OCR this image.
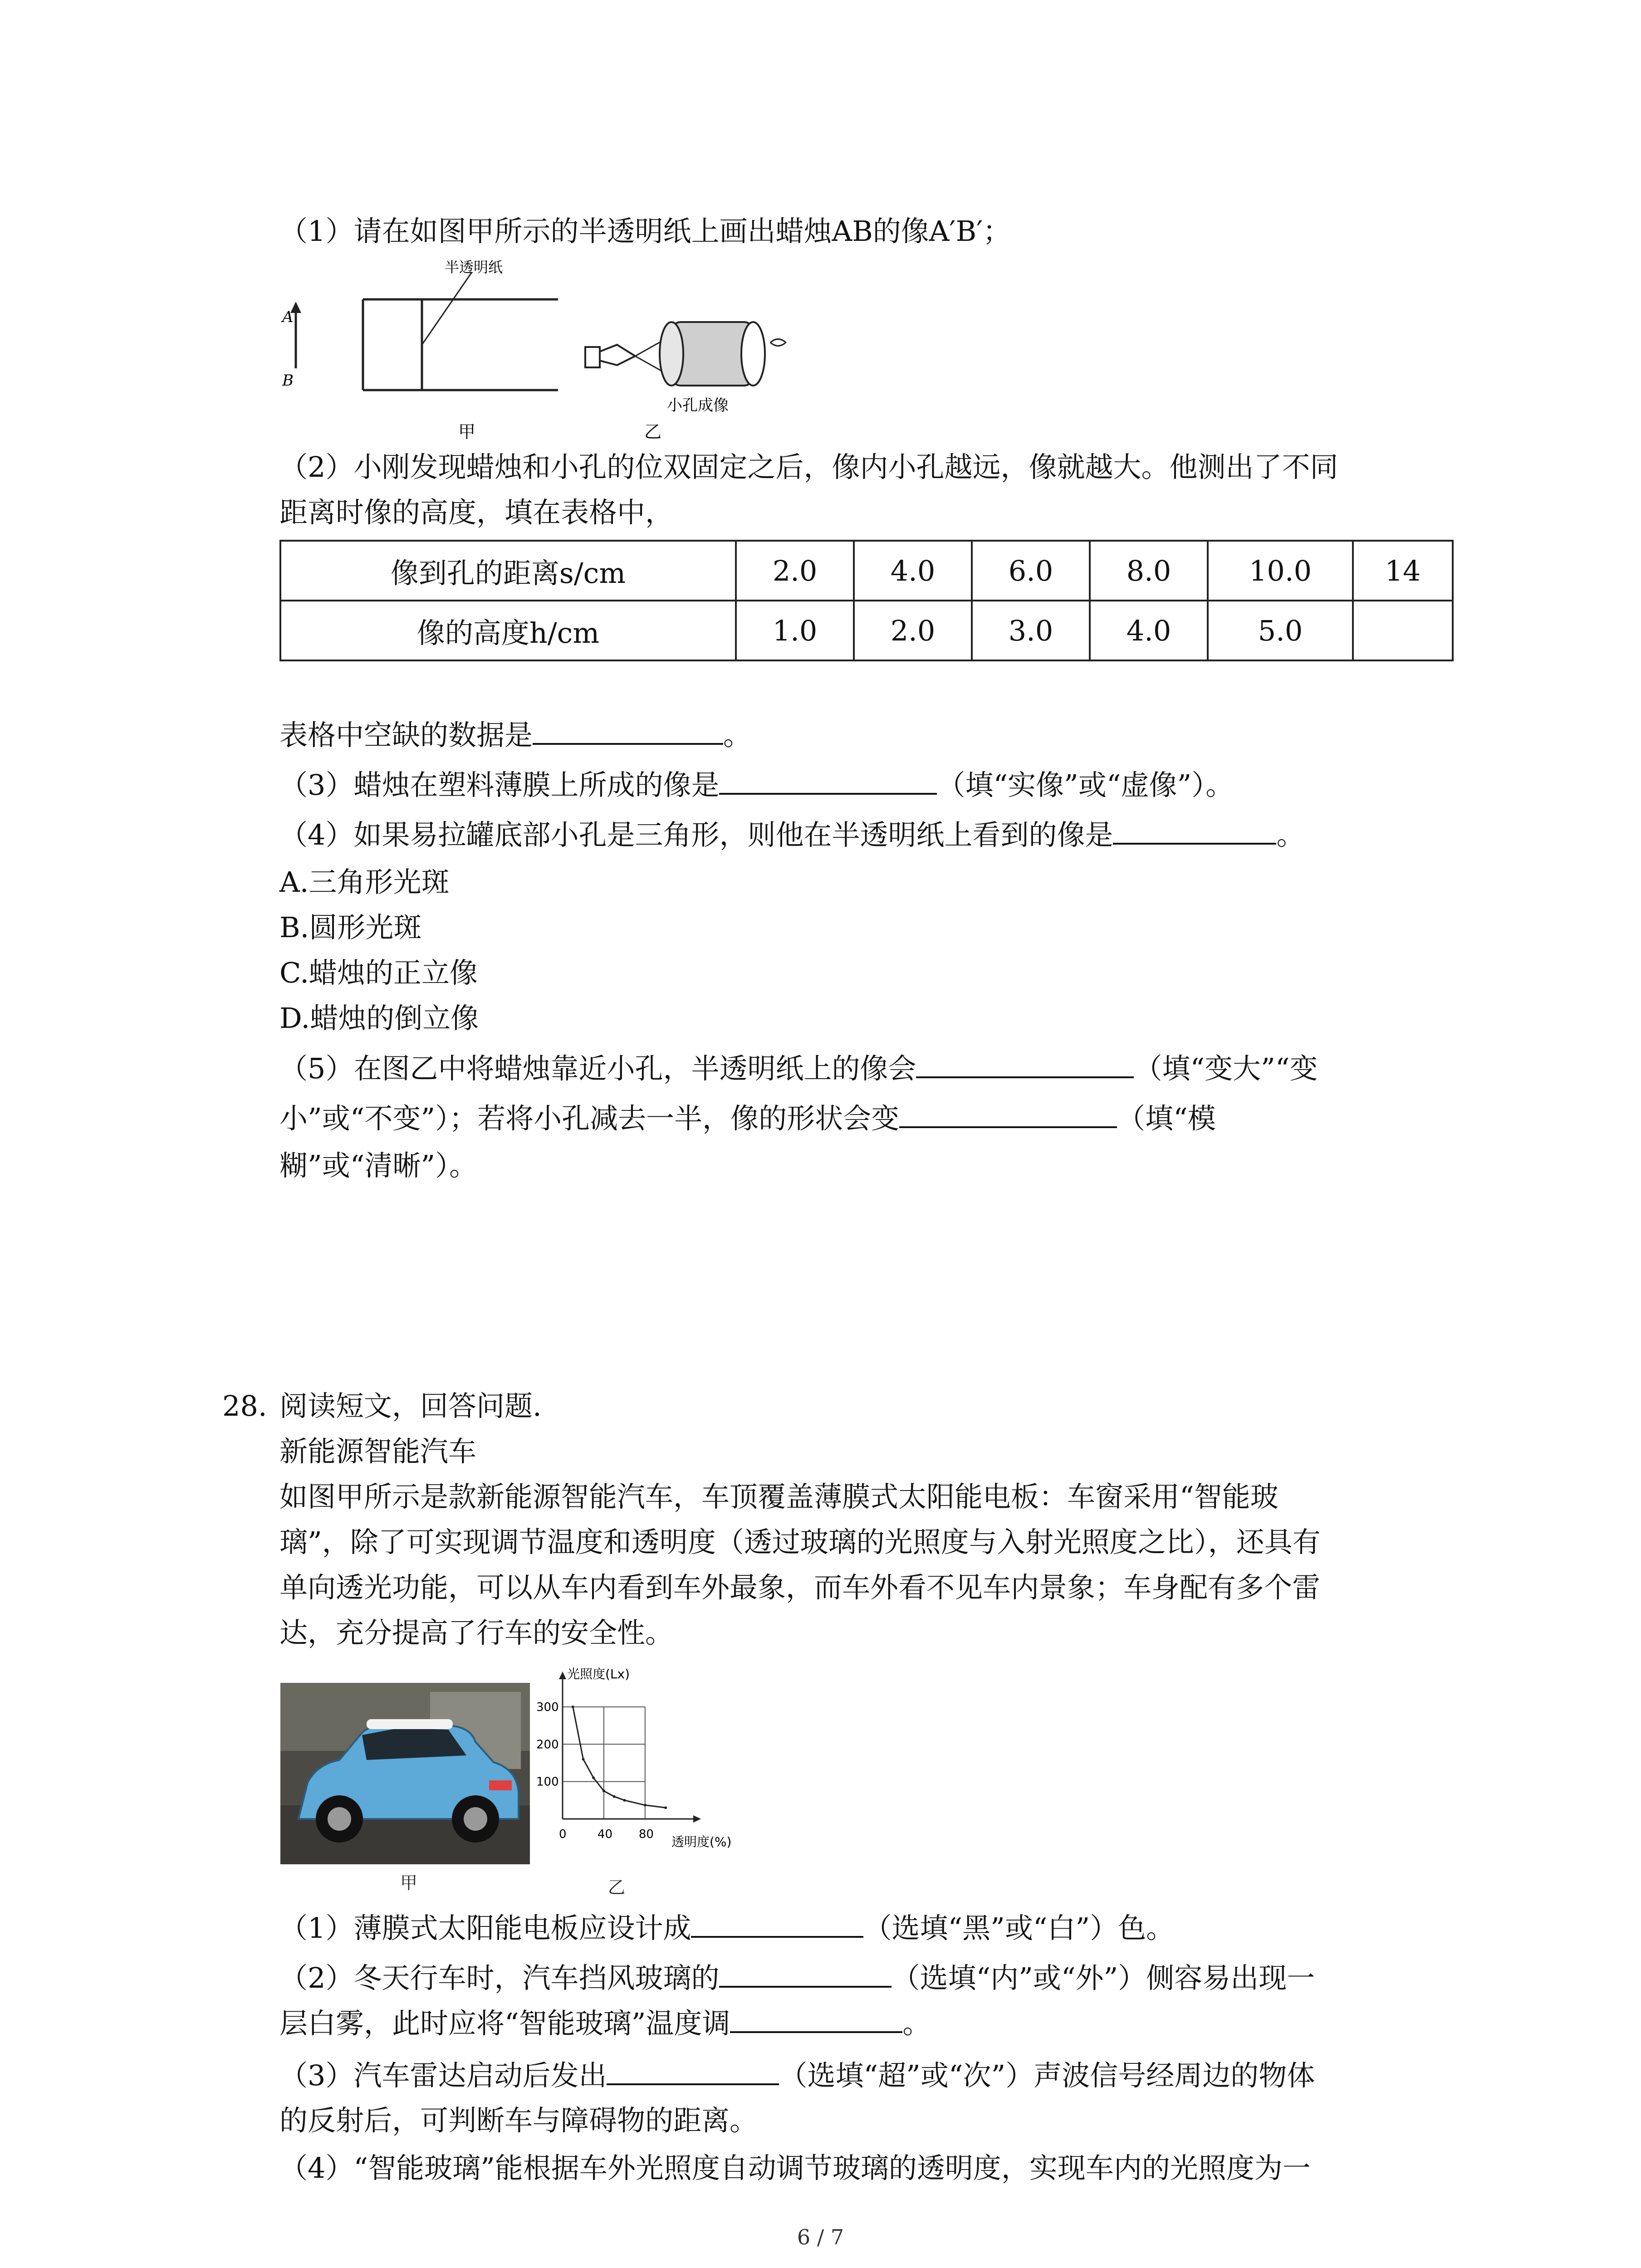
（1）请在如图甲所示的半透明纸上画出蜡烛AB的像A′B′；
A
B
半透明纸
小孔成像
甲	乙
（2）小刚发现蜡烛和小孔的位双固定之后，像内小孔越远，像就越大。他测出了不同
距离时像的高度，填在表格中，
像到孔的距离s/cm	2.0	4.0	6.0	8.0	10.0	14
像的高度h/cm	1.0	2.0	3.0	4.0	5.0	
表格中空缺的数据是	。
（3）蜡烛在塑料薄膜上所成的像是	（填“实像”或“虚像”）。
（4）如果易拉罐底部小孔是三角形，则他在半透明纸上看到的像是	。
A.三角形光斑
B.圆形光斑
C.蜡烛的正立像
D.蜡烛的倒立像
（5）在图乙中将蜡烛靠近小孔，半透明纸上的像会	（填“变大”“变
小”或“不变”）；若将小孔减去一半，像的形状会变	（填“模
糊”或“清晰”）。
28. 阅读短文，回答问题.
新能源智能汽车
如图甲所示是款新能源智能汽车，车顶覆盖薄膜式太阳能电板：车窗采用“智能玻
璃”，除了可实现调节温度和透明度（透过玻璃的光照度与入射光照度之比），还具有
单向透光功能，可以从车内看到车外最象，而车外看不见车内景象；车身配有多个雷
达，充分提高了行车的安全性。
甲
0	40 80
100
200
300
光照度(Lx)
透明度(%)
乙
（1）薄膜式太阳能电板应设计成	（选填“黑”或“白”）色。
（2）冬天行车时，汽车挡风玻璃的	（选填“内”或“外”）侧容易出现一
层白雾，此时应将“智能玻璃”温度调	。
（3）汽车雷达启动后发出	（选填“超”或“次”）声波信号经周边的物体
的反射后，可判断车与障碍物的距离。
（4）“智能玻璃”能根据车外光照度自动调节玻璃的透明度，实现车内的光照度为一
6 / 7
